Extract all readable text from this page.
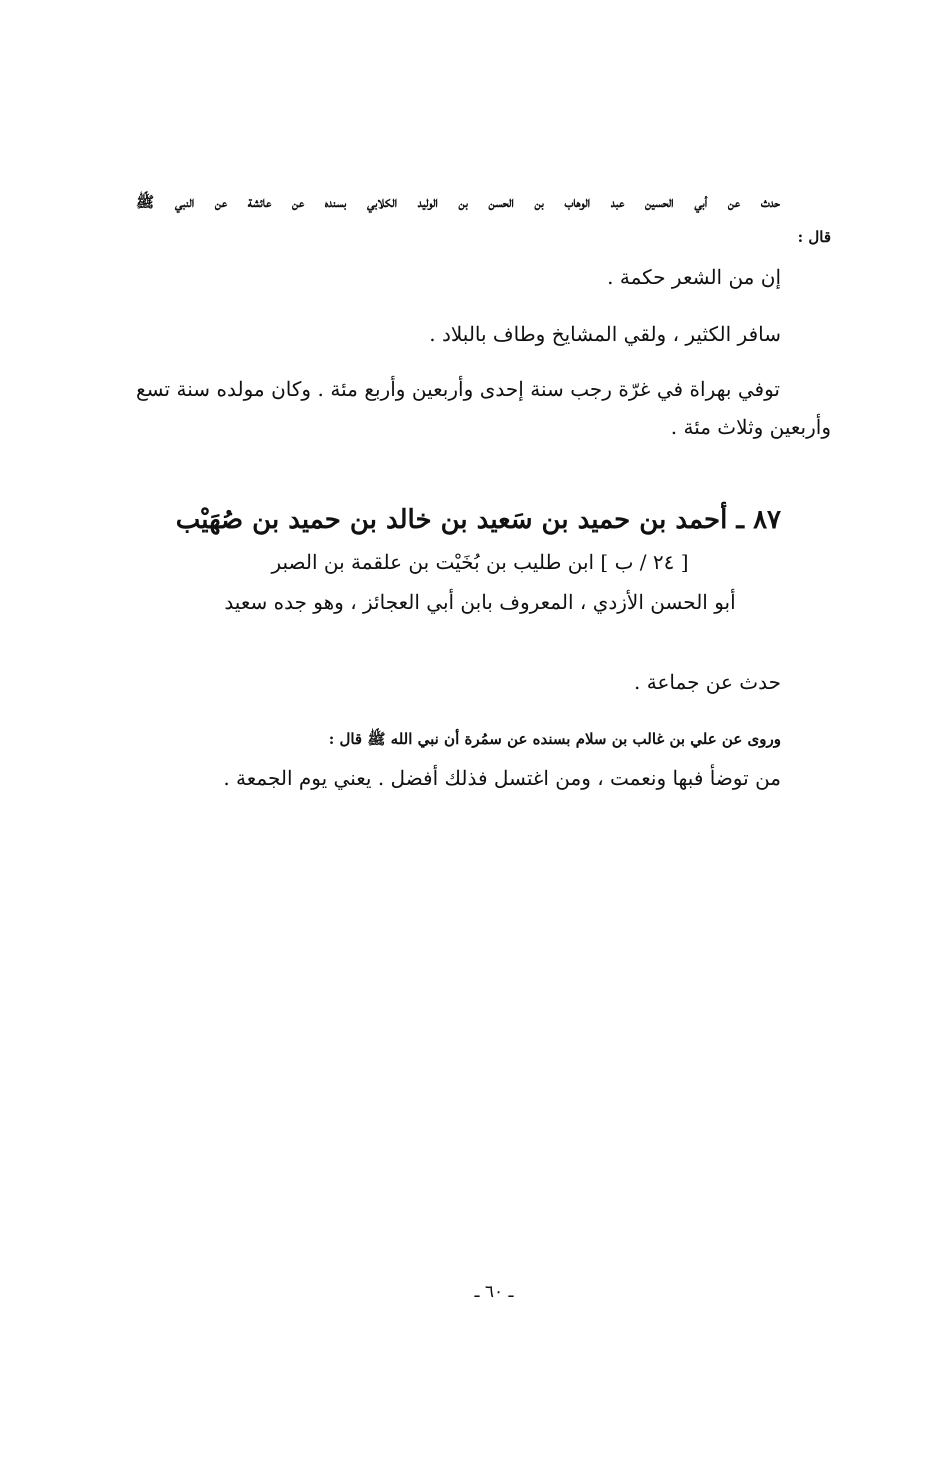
حدث عن أبي الحسين عبد الوهاب بن الحسن بن الوليد الكلابي بسنده عن عائشة عن النبي ﷺ
قال :
إن من الشعر حكمة .
سافر الكثير ، ولقي المشايخ وطاف بالبلاد .
توفي بهراة في غرّة رجب سنة إحدى وأربعين وأربع مئة . وكان مولده سنة تسع
وأربعين وثلاث مئة .
٨٧ ـ أحمد بن حميد بن سَعيد بن خالد بن حميد بن صُهَيْب
[ ٢٤ / ب ] ابن طليب بن بُخَيْت بن علقمة بن الصبر
أبو الحسن الأزدي ، المعروف بابن أبي العجائز ، وهو جده سعيد
حدث عن جماعة .
وروى عن علي بن غالب بن سلام بسنده عن سمُرة أن نبي الله ﷺ قال :
من توضأ فبها ونعمت ، ومن اغتسل فذلك أفضل . يعني يوم الجمعة .
ـ ٦٠ ـ
